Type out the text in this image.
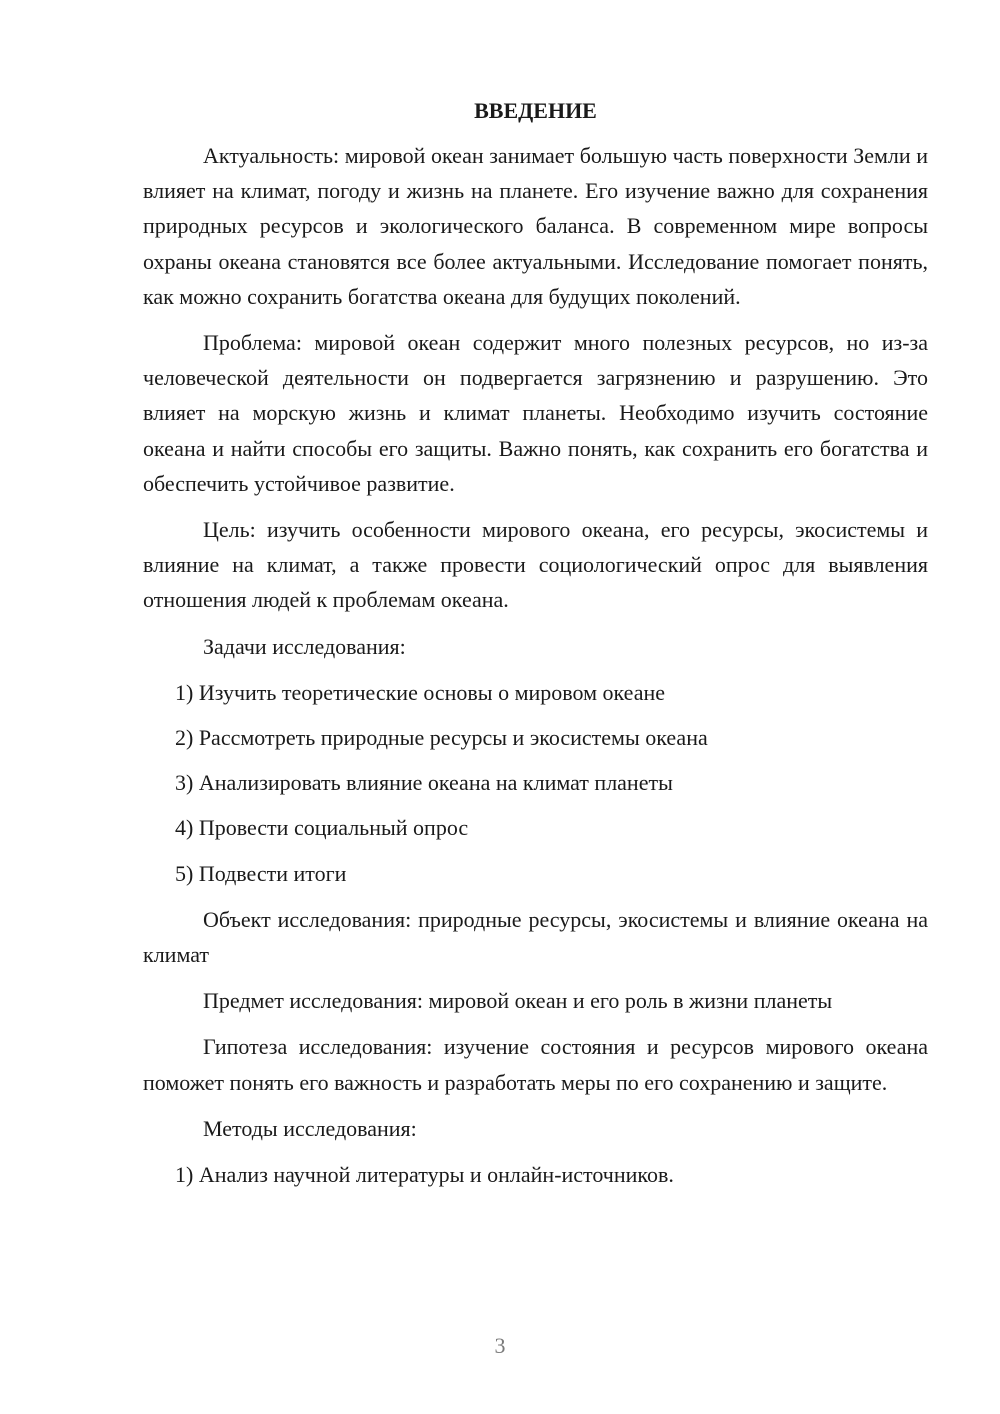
ВВЕДЕНИЕ

Актуальность: мировой океан занимает большую часть поверхности Земли и влияет на климат, погоду и жизнь на планете. Его изучение важно для сохранения природных ресурсов и экологического баланса. В современном мире вопросы охраны океана становятся все более актуальными. Исследование помогает понять, как можно сохранить богатства океана для будущих поколений.

Проблема: мировой океан содержит много полезных ресурсов, но из-за человеческой деятельности он подвергается загрязнению и разрушению. Это влияет на морскую жизнь и климат планеты. Необходимо изучить состояние океана и найти способы его защиты. Важно понять, как сохранить его богатства и обеспечить устойчивое развитие.

Цель: изучить особенности мирового океана, его ресурсы, экосистемы и влияние на климат, а также провести социологический опрос для выявления отношения людей к проблемам океана.

Задачи исследования:

1) Изучить теоретические основы о мировом океане
2) Рассмотреть природные ресурсы и экосистемы океана
3) Анализировать влияние океана на климат планеты
4) Провести социальный опрос
5) Подвести итоги

Объект исследования: природные ресурсы, экосистемы и влияние океана на климат

Предмет исследования: мировой океан и его роль в жизни планеты

Гипотеза исследования: изучение состояния и ресурсов мирового океана поможет понять его важность и разработать меры по его сохранению и защите.

Методы исследования:

1) Анализ научной литературы и онлайн-источников.
3
